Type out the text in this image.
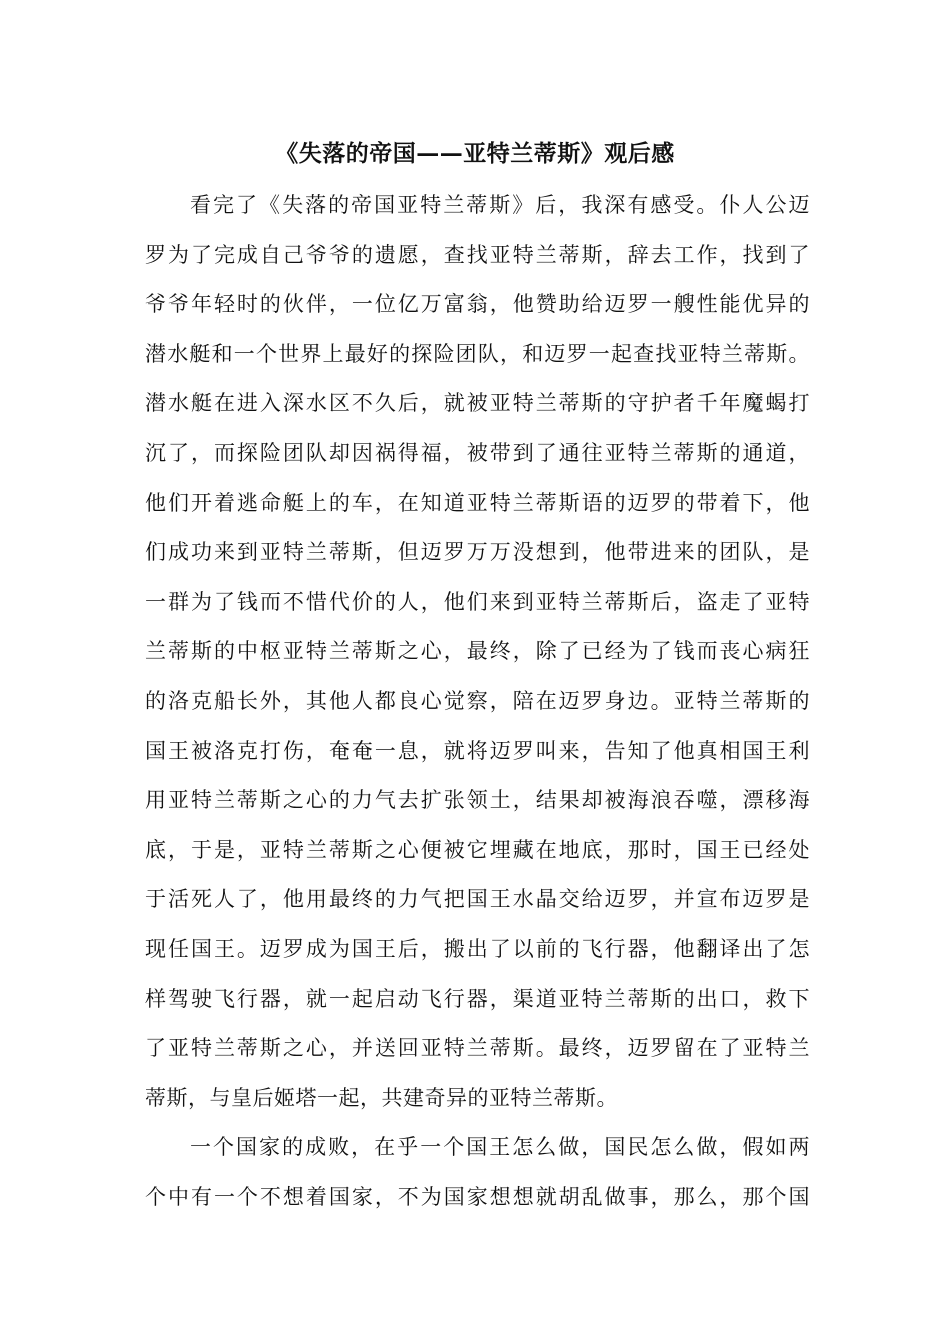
《失落的帝国——亚特兰蒂斯》观后感
看完了《失落的帝国亚特兰蒂斯》后，我深有感受。仆人公迈
罗为了完成自己爷爷的遗愿，查找亚特兰蒂斯，辞去工作，找到了
爷爷年轻时的伙伴，一位亿万富翁，他赞助给迈罗一艘性能优异的
潜水艇和一个世界上最好的探险团队，和迈罗一起查找亚特兰蒂斯。
潜水艇在进入深水区不久后，就被亚特兰蒂斯的守护者千年魔蝎打
沉了，而探险团队却因祸得福，被带到了通往亚特兰蒂斯的通道，
他们开着逃命艇上的车，在知道亚特兰蒂斯语的迈罗的带着下，他
们成功来到亚特兰蒂斯，但迈罗万万没想到，他带进来的团队，是
一群为了钱而不惜代价的人，他们来到亚特兰蒂斯后，盗走了亚特
兰蒂斯的中枢亚特兰蒂斯之心，最终，除了已经为了钱而丧心病狂
的洛克船长外，其他人都良心觉察，陪在迈罗身边。亚特兰蒂斯的
国王被洛克打伤，奄奄一息，就将迈罗叫来，告知了他真相国王利
用亚特兰蒂斯之心的力气去扩张领土，结果却被海浪吞噬，漂移海
底，于是，亚特兰蒂斯之心便被它埋藏在地底，那时，国王已经处
于活死人了，他用最终的力气把国王水晶交给迈罗，并宣布迈罗是
现任国王。迈罗成为国王后，搬出了以前的飞行器，他翻译出了怎
样驾驶飞行器，就一起启动飞行器，渠道亚特兰蒂斯的出口，救下
了亚特兰蒂斯之心，并送回亚特兰蒂斯。最终，迈罗留在了亚特兰
蒂斯，与皇后姬塔一起，共建奇异的亚特兰蒂斯。
一个国家的成败，在乎一个国王怎么做，国民怎么做，假如两
个中有一个不想着国家，不为国家想想就胡乱做事，那么，那个国
